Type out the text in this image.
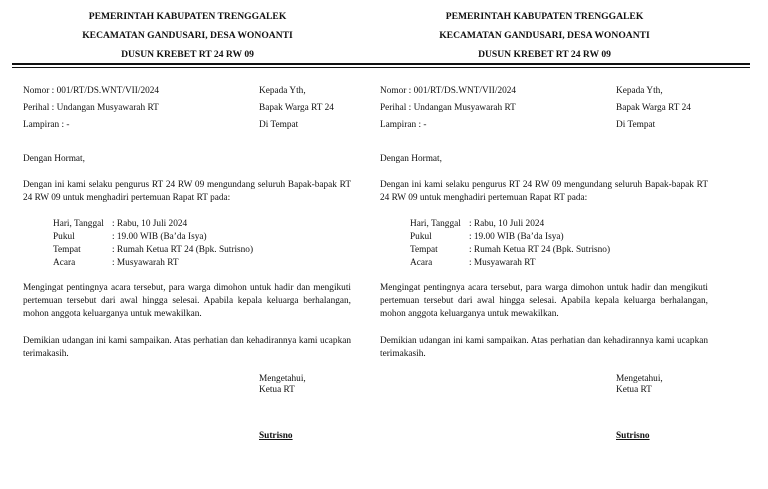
PEMERINTAH KABUPATEN TRENGGALEK
KECAMATAN GANDUSARI, DESA WONOANTI
DUSUN KREBET RT 24 RW 09
Nomor : 001/RT/DS.WNT/VII/2024
Perihal : Undangan Musyawarah RT
Lampiran : -
Kepada Yth,
Bapak Warga RT 24
Di Tempat
Dengan Hormat,
Dengan ini kami selaku pengurus RT 24 RW 09 mengundang seluruh Bapak-bapak RT 24 RW 09 untuk menghadiri pertemuan Rapat RT pada:
Hari, Tanggal : Rabu, 10 Juli 2024
Pukul	: 19.00 WIB (Ba’da Isya)
Tempat	: Rumah Ketua RT 24 (Bpk. Sutrisno)
Acara	: Musyawarah RT
Mengingat pentingnya acara tersebut, para warga dimohon untuk hadir dan mengikuti pertemuan tersebut dari awal hingga selesai. Apabila kepala keluarga berhalangan, mohon anggota keluarganya untuk mewakilkan.
Demikian udangan ini kami sampaikan. Atas perhatian dan kehadirannya kami ucapkan terimakasih.
Mengetahui,
Ketua RT
Sutrisno
PEMERINTAH KABUPATEN TRENGGALEK
KECAMATAN GANDUSARI, DESA WONOANTI
DUSUN KREBET RT 24 RW 09
Nomor : 001/RT/DS.WNT/VII/2024
Perihal : Undangan Musyawarah RT
Lampiran : -
Kepada Yth,
Bapak Warga RT 24
Di Tempat
Dengan Hormat,
Dengan ini kami selaku pengurus RT 24 RW 09 mengundang seluruh Bapak-bapak RT 24 RW 09 untuk menghadiri pertemuan Rapat RT pada:
Hari, Tanggal : Rabu, 10 Juli 2024
Pukul	: 19.00 WIB (Ba’da Isya)
Tempat	: Rumah Ketua RT 24 (Bpk. Sutrisno)
Acara	: Musyawarah RT
Mengingat pentingnya acara tersebut, para warga dimohon untuk hadir dan mengikuti pertemuan tersebut dari awal hingga selesai. Apabila kepala keluarga berhalangan, mohon anggota keluarganya untuk mewakilkan.
Demikian udangan ini kami sampaikan. Atas perhatian dan kehadirannya kami ucapkan terimakasih.
Mengetahui,
Ketua RT
Sutrisno
